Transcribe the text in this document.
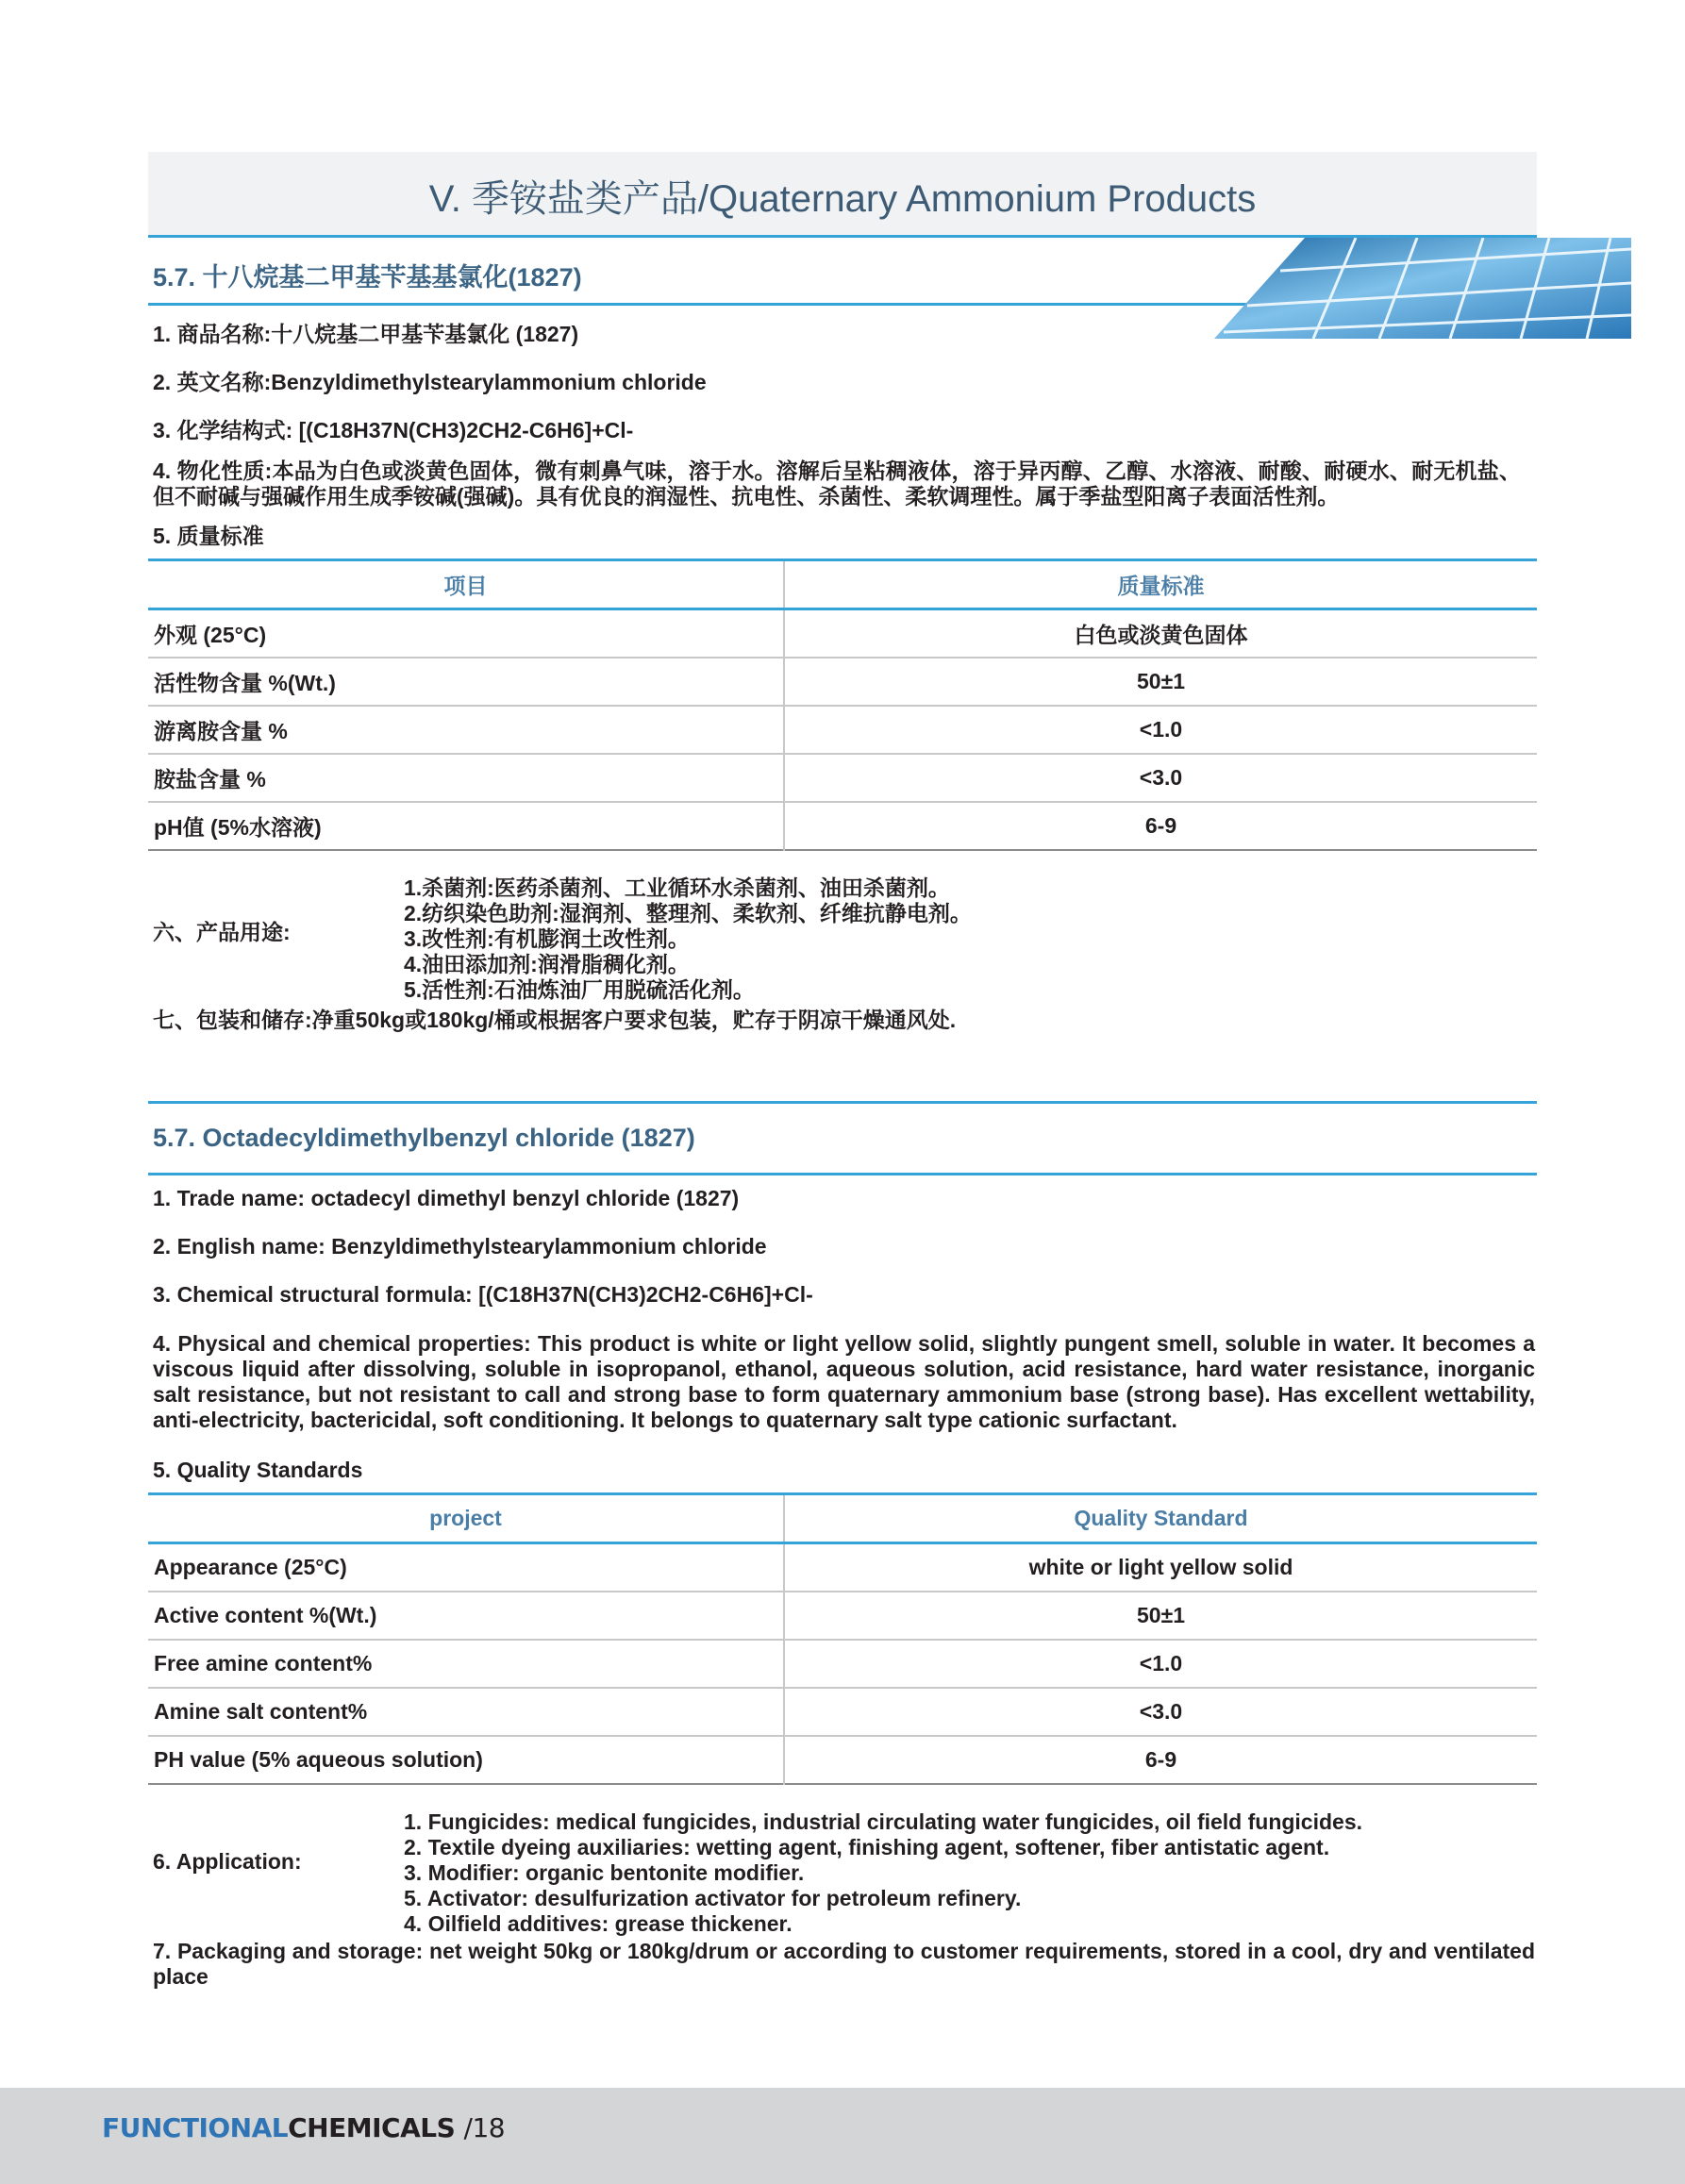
V. 季铵盐类产品/Quaternary Ammonium Products
5.7. 十八烷基二甲基苄基基氯化(1827)
1. 商品名称:十八烷基二甲基苄基氯化 (1827)
2. 英文名称:Benzyldimethylstearylammonium chloride
3. 化学结构式: [(C18H37N(CH3)2CH2-C6H6]+Cl-
4. 物化性质:本品为白色或淡黄色固体，微有刺鼻气味，溶于水。溶解后呈粘稠液体，溶于异丙醇、乙醇、水溶液、耐酸、耐硬水、耐无机盐、但不耐碱与强碱作用生成季铵碱(强碱)。具有优良的润湿性、抗电性、杀菌性、柔软调理性。属于季盐型阳离子表面活性剂。
5. 质量标准
项目	质量标准
外观 (25°C)	白色或淡黄色固体
活性物含量 %(Wt.)	50±1
游离胺含量 %	<1.0
胺盐含量 %	<3.0
pH值 (5%水溶液)	6-9
六、产品用途:
1.杀菌剂:医药杀菌剂、工业循环水杀菌剂、油田杀菌剂。
2.纺织染色助剂:湿润剂、整理剂、柔软剂、纤维抗静电剂。
3.改性剂:有机膨润土改性剂。
4.油田添加剂:润滑脂稠化剂。
5.活性剂:石油炼油厂用脱硫活化剂。
七、包装和储存:净重50kg或180kg/桶或根据客户要求包装，贮存于阴凉干燥通风处.
5.7. Octadecyldimethylbenzyl chloride (1827)
1. Trade name: octadecyl dimethyl benzyl chloride (1827)
2. English name: Benzyldimethylstearylammonium chloride
3. Chemical structural formula: [(C18H37N(CH3)2CH2-C6H6]+Cl-
4. Physical and chemical properties: This product is white or light yellow solid, slightly pungent smell, soluble in water. It becomes a viscous liquid after dissolving, soluble in isopropanol, ethanol, aqueous solution, acid resistance, hard water resistance, inorganic salt resistance, but not resistant to call and strong base to form quaternary ammonium base (strong base). Has excellent wettability, anti-electricity, bactericidal, soft conditioning. It belongs to quaternary salt type cationic surfactant.
5. Quality Standards
project	Quality Standard
Appearance (25°C)	white or light yellow solid
Active content %(Wt.)	50±1
Free amine content%	<1.0
Amine salt content%	<3.0
PH value (5% aqueous solution)	6-9
6. Application:
1. Fungicides: medical fungicides, industrial circulating water fungicides, oil field fungicides.
2. Textile dyeing auxiliaries: wetting agent, finishing agent, softener, fiber antistatic agent.
3. Modifier: organic bentonite modifier.
5. Activator: desulfurization activator for petroleum refinery.
4. Oilfield additives: grease thickener.
7. Packaging and storage: net weight 50kg or 180kg/drum or according to customer requirements, stored in a cool, dry and ventilated place
FUNCTIONALCHEMICALS /18
